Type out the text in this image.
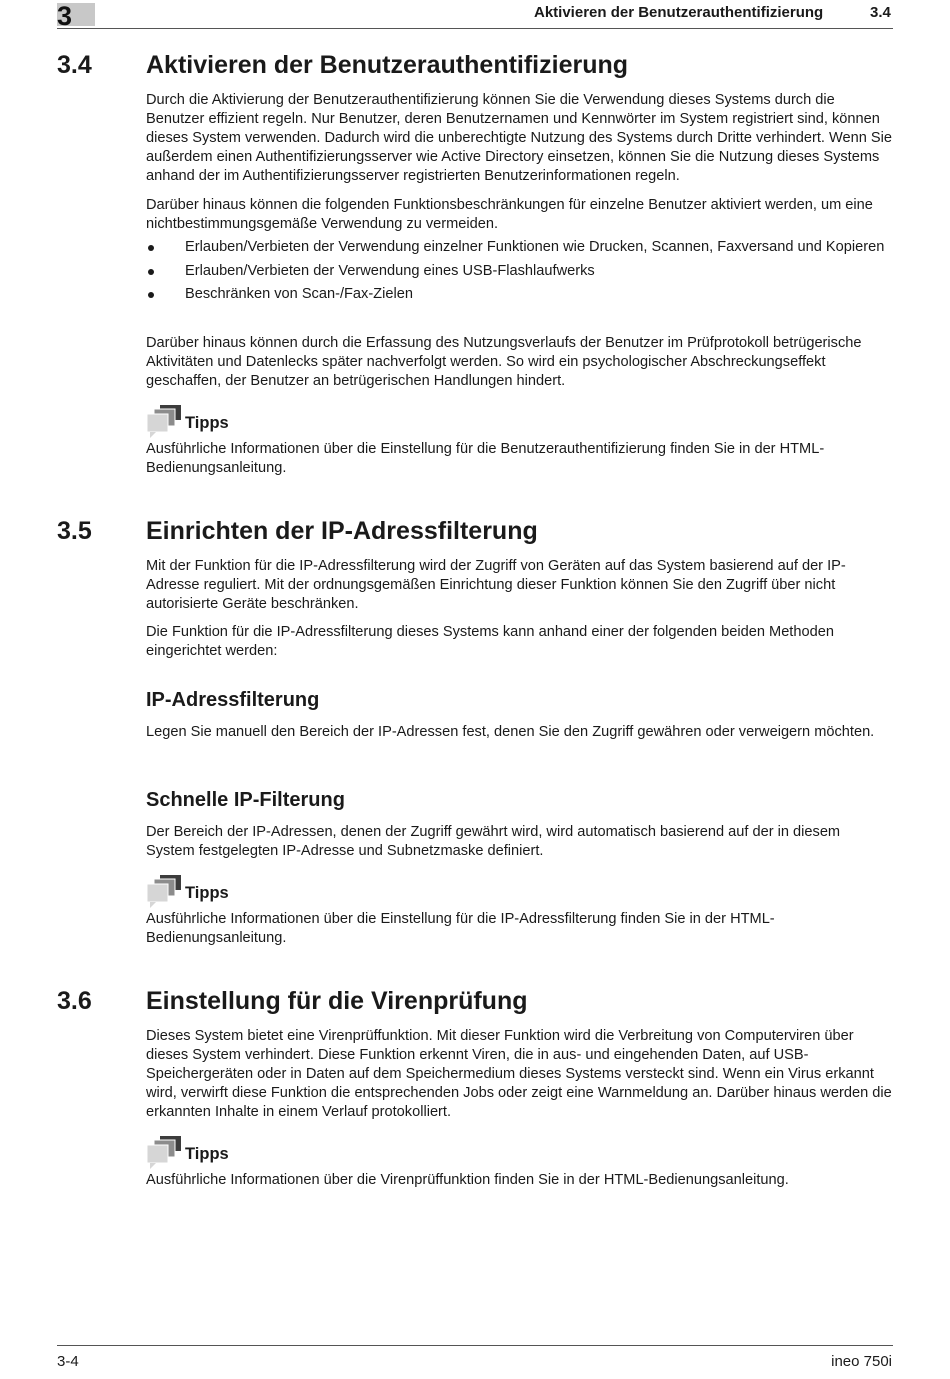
3	Aktivieren der Benutzerauthentifizierung	3.4
3.4 Aktivieren der Benutzerauthentifizierung

Durch die Aktivierung der Benutzerauthentifizierung können Sie die Verwendung dieses Systems durch die Benutzer effizient regeln. Nur Benutzer, deren Benutzernamen und Kennwörter im System registriert sind, können dieses System verwenden. Dadurch wird die unberechtigte Nutzung des Systems durch Dritte verhindert. Wenn Sie außerdem einen Authentifizierungsserver wie Active Directory einsetzen, können Sie die Nutzung dieses Systems anhand der im Authentifizierungsserver registrierten Benutzerinformationen regeln.

Darüber hinaus können die folgenden Funktionsbeschränkungen für einzelne Benutzer aktiviert werden, um eine nichtbestimmungsgemäße Verwendung zu vermeiden.

Erlauben/Verbieten der Verwendung einzelner Funktionen wie Drucken, Scannen, Faxversand und Kopieren
Erlauben/Verbieten der Verwendung eines USB-Flashlaufwerks
Beschränken von Scan-/Fax-Zielen

Darüber hinaus können durch die Erfassung des Nutzungsverlaufs der Benutzer im Prüfprotokoll betrügerische Aktivitäten und Datenlecks später nachverfolgt werden. So wird ein psychologischer Abschreckungseffekt geschaffen, der Benutzer an betrügerischen Handlungen hindert.

Tipps

Ausführliche Informationen über die Einstellung für die Benutzerauthentifizierung finden Sie in der HTML-Bedienungsanleitung.

3.5 Einrichten der IP-Adressfilterung

Mit der Funktion für die IP-Adressfilterung wird der Zugriff von Geräten auf das System basierend auf der IP-Adresse reguliert. Mit der ordnungsgemäßen Einrichtung dieser Funktion können Sie den Zugriff über nicht autorisierte Geräte beschränken.

Die Funktion für die IP-Adressfilterung dieses Systems kann anhand einer der folgenden beiden Methoden eingerichtet werden:

IP-Adressfilterung

Legen Sie manuell den Bereich der IP-Adressen fest, denen Sie den Zugriff gewähren oder verweigern möchten.

Schnelle IP-Filterung

Der Bereich der IP-Adressen, denen der Zugriff gewährt wird, wird automatisch basierend auf der in diesem System festgelegten IP-Adresse und Subnetzmaske definiert.

Tipps

Ausführliche Informationen über die Einstellung für die IP-Adressfilterung finden Sie in der HTML-Bedienungsanleitung.

3.6 Einstellung für die Virenprüfung

Dieses System bietet eine Virenprüffunktion. Mit dieser Funktion wird die Verbreitung von Computerviren über dieses System verhindert. Diese Funktion erkennt Viren, die in aus- und eingehenden Daten, auf USB-Speichergeräten oder in Daten auf dem Speichermedium dieses Systems versteckt sind. Wenn ein Virus erkannt wird, verwirft diese Funktion die entsprechenden Jobs oder zeigt eine Warnmeldung an. Darüber hinaus werden die erkannten Inhalte in einem Verlauf protokolliert.

Tipps

Ausführliche Informationen über die Virenprüffunktion finden Sie in der HTML-Bedienungsanleitung.

3-4	ineo 750i
